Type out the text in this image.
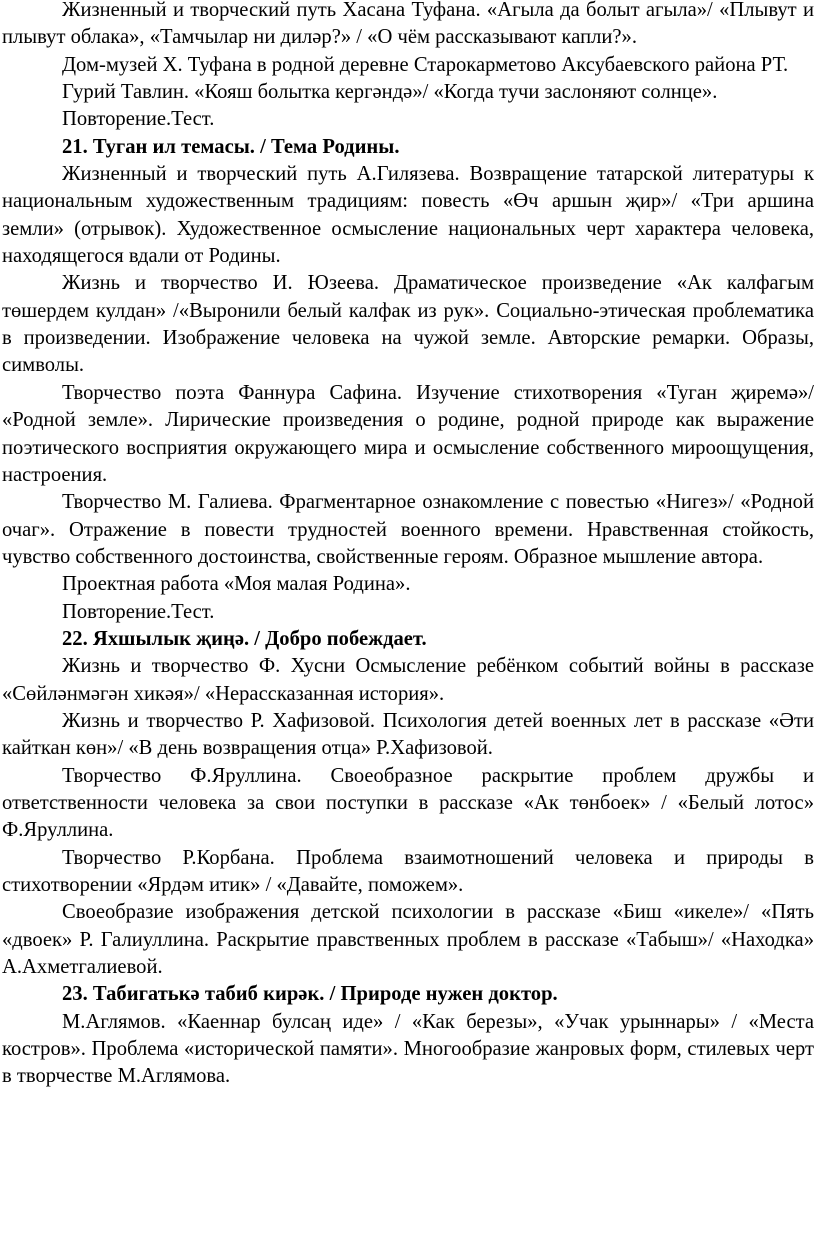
Жизненный и творческий путь Хасана Туфана. «Агыла да болыт агыла»/ «Плывут и плывут облака», «Тамчылар ни диләр?» / «О чём рассказывают капли?».

Дом-музей Х. Туфана в родной деревне Старокарметово Аксубаевского района РТ.

Гурий Тавлин. «Кояш болытка кергәндә»/ «Когда тучи заслоняют солнце».

Повторение.Тест.

21. Туган ил темасы. / Тема Родины.

Жизненный и творческий путь А.Гилязева. Возвращение татарской литературы к национальным художественным традициям: повесть «Өч аршын җир»/ «Три аршина земли» (отрывок). Художественное осмысление национальных черт характера человека, находящегося вдали от Родины.

Жизнь и творчество И. Юзеева. Драматическое произведение «Ак калфагым төшердем кулдан» /«Выронили белый калфак из рук». Социально-этическая проблематика в произведении. Изображение человека на чужой земле. Авторские ремарки. Образы, символы.

Творчество поэта Фаннура Сафина. Изучение стихотворения «Туган җиремә»/ «Родной земле». Лирические произведения о родине, родной природе как выражение поэтического восприятия окружающего мира и осмысление собственного мироощущения, настроения.

Творчество М. Галиева. Фрагментарное ознакомление с повестью «Нигез»/ «Родной очаг». Отражение в повести трудностей военного времени. Нравственная стойкость, чувство собственного достоинства, свойственные героям. Образное мышление автора.

Проектная работа «Моя малая Родина».

Повторение.Тест.

22. Яхшылык җиңә. / Добро побеждает.

Жизнь и творчество Ф. Хусни Осмысление ребёнком событий войны в рассказе «Сөйләнмәгән хикәя»/ «Нерассказанная история».

Жизнь и творчество Р. Хафизовой. Психология детей военных лет в рассказе «Әти кайткан көн»/ «В день возвращения отца» Р.Хафизовой.

Творчество Ф.Яруллина. Своеобразное раскрытие проблем дружбы и ответственности человека за свои поступки в рассказе «Ак төнбоек» / «Белый лотос» Ф.Яруллина.

Творчество Р.Корбана. Проблема взаимотношений человека и природы в стихотворении «Ярдәм итик» / «Давайте, поможем».

Своеобразие изображения детской психологии в рассказе «Биш «икеле»/ «Пять «двоек» Р. Галиуллина. Раскрытие правственных проблем в рассказе «Табыш»/ «Находка» А.Ахметгалиевой.

23. Табигатькә табиб кирәк. / Природе нужен доктор.

М.Аглямов. «Каеннар булсаң иде» / «Как березы», «Учак урыннары» / «Места костров». Проблема «исторической памяти». Многообразие жанровых форм, стилевых черт в творчестве М.Аглямова.
